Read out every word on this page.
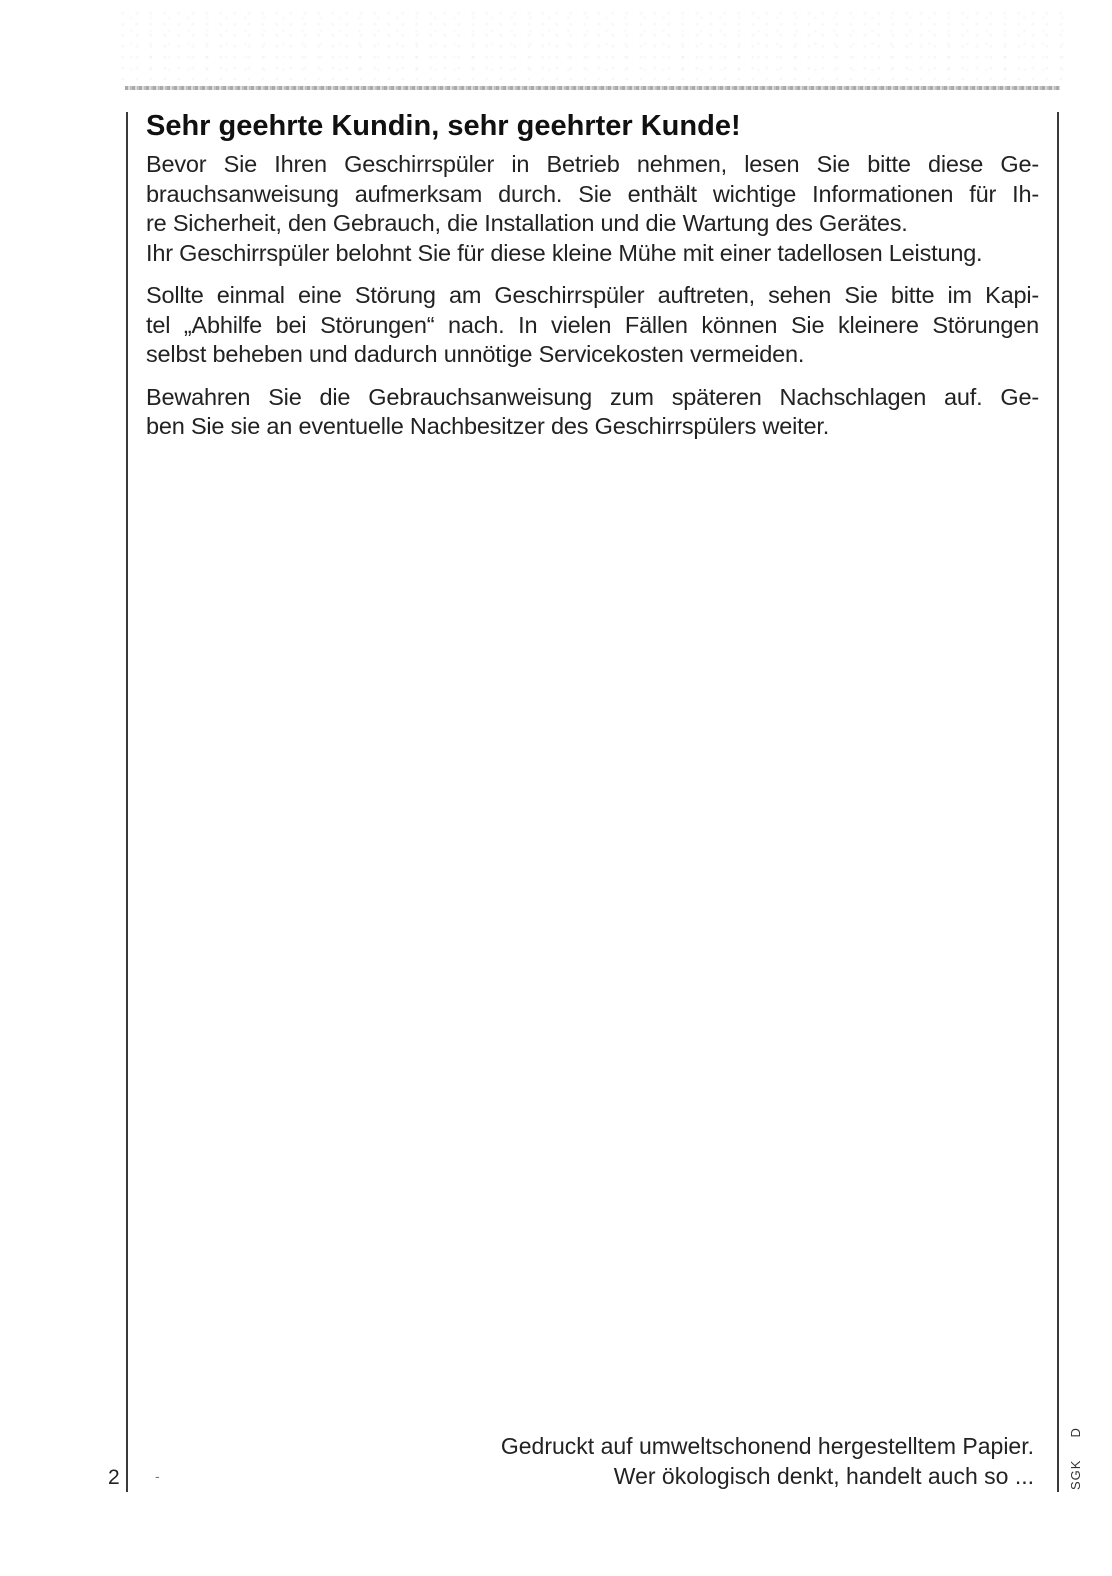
Sehr geehrte Kundin, sehr geehrter Kunde!

Bevor Sie Ihren Geschirrspüler in Betrieb nehmen, lesen Sie bitte diese Ge-
brauchsanweisung aufmerksam durch. Sie enthält wichtige Informationen für Ih-
re Sicherheit, den Gebrauch, die Installation und die Wartung des Gerätes.
Ihr Geschirrspüler belohnt Sie für diese kleine Mühe mit einer tadellosen Leistung.

Sollte einmal eine Störung am Geschirrspüler auftreten, sehen Sie bitte im Kapi-
tel „Abhilfe bei Störungen“ nach. In vielen Fällen können Sie kleinere Störungen
selbst beheben und dadurch unnötige Servicekosten vermeiden.

Bewahren Sie die Gebrauchsanweisung zum späteren Nachschlagen auf. Ge-
ben Sie sie an eventuelle Nachbesitzer des Geschirrspülers weiter.

Gedruckt auf umweltschonend hergestelltem Papier.
Wer ökologisch denkt, handelt auch so ...
2	-	SGKD
